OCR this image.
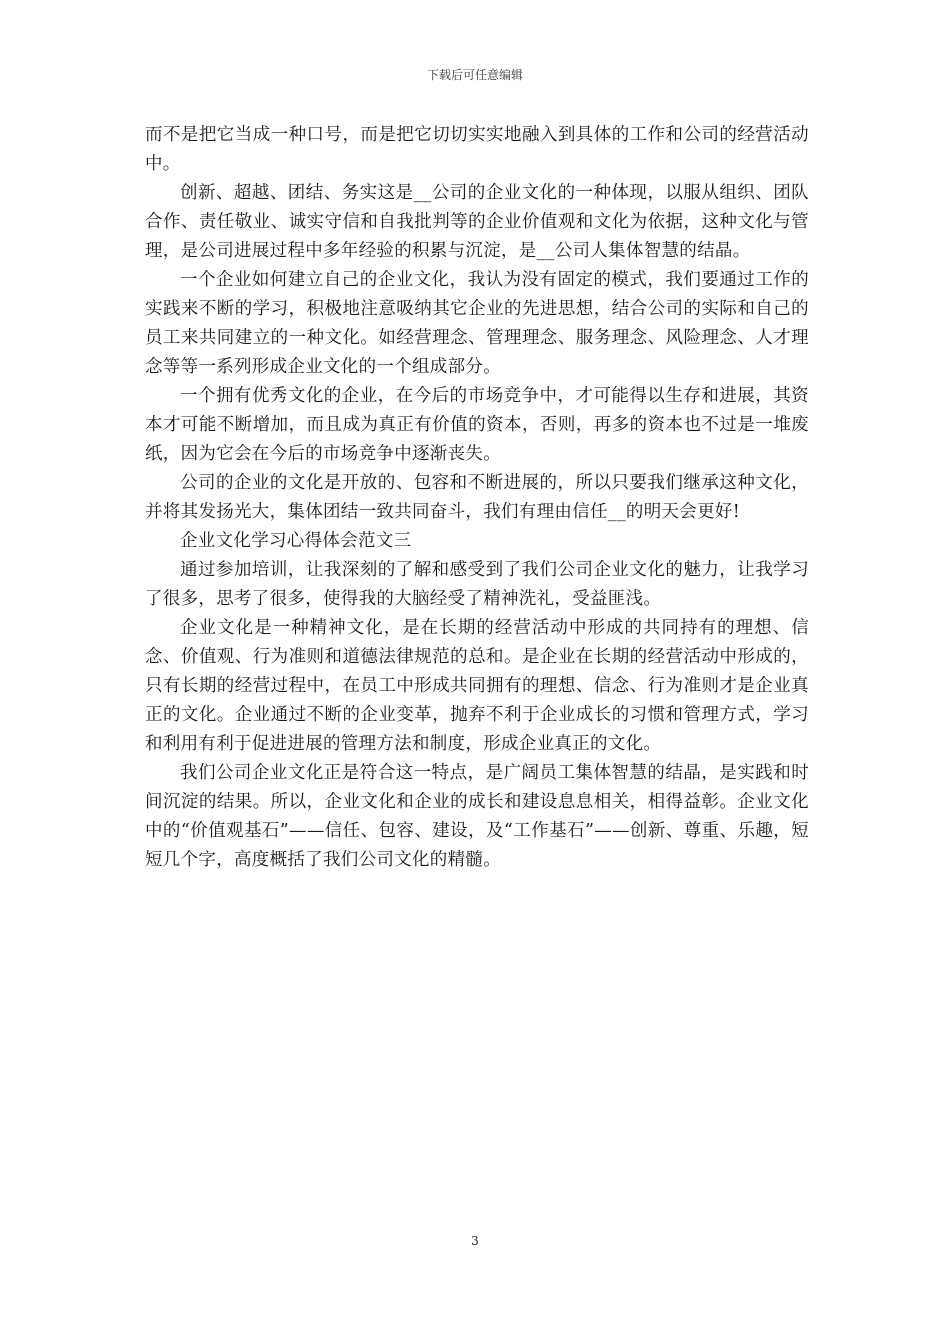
下载后可任意编辑

而不是把它当成一种口号，而是把它切切实实地融入到具体的工作和公司的经营活动中。

创新、超越、团结、务实这是__公司的企业文化的一种体现，以服从组织、团队合作、责任敬业、诚实守信和自我批判等的企业价值观和文化为依据，这种文化与管理，是公司进展过程中多年经验的积累与沉淀，是__公司人集体智慧的结晶。

一个企业如何建立自己的企业文化，我认为没有固定的模式，我们要通过工作的实践来不断的学习，积极地注意吸纳其它企业的先进思想，结合公司的实际和自己的员工来共同建立的一种文化。如经营理念、管理理念、服务理念、风险理念、人才理念等等一系列形成企业文化的一个组成部分。

一个拥有优秀文化的企业，在今后的市场竞争中，才可能得以生存和进展，其资本才可能不断增加，而且成为真正有价值的资本，否则，再多的资本也不过是一堆废纸，因为它会在今后的市场竞争中逐渐丧失。

公司的企业的文化是开放的、包容和不断进展的，所以只要我们继承这种文化，并将其发扬光大，集体团结一致共同奋斗，我们有理由信任__的明天会更好!

企业文化学习心得体会范文三

通过参加培训，让我深刻的了解和感受到了我们公司企业文化的魅力，让我学习了很多，思考了很多，使得我的大脑经受了精神洗礼，受益匪浅。

企业文化是一种精神文化，是在长期的经营活动中形成的共同持有的理想、信念、价值观、行为准则和道德法律规范的总和。是企业在长期的经营活动中形成的，只有长期的经营过程中，在员工中形成共同拥有的理想、信念、行为准则才是企业真正的文化。企业通过不断的企业变革，抛弃不利于企业成长的习惯和管理方式，学习和利用有利于促进进展的管理方法和制度，形成企业真正的文化。

我们公司企业文化正是符合这一特点，是广阔员工集体智慧的结晶，是实践和时间沉淀的结果。所以，企业文化和企业的成长和建设息息相关，相得益彰。企业文化中的“价值观基石”——信任、包容、建设，及“工作基石”——创新、尊重、乐趣，短短几个字，高度概括了我们公司文化的精髓。

3
